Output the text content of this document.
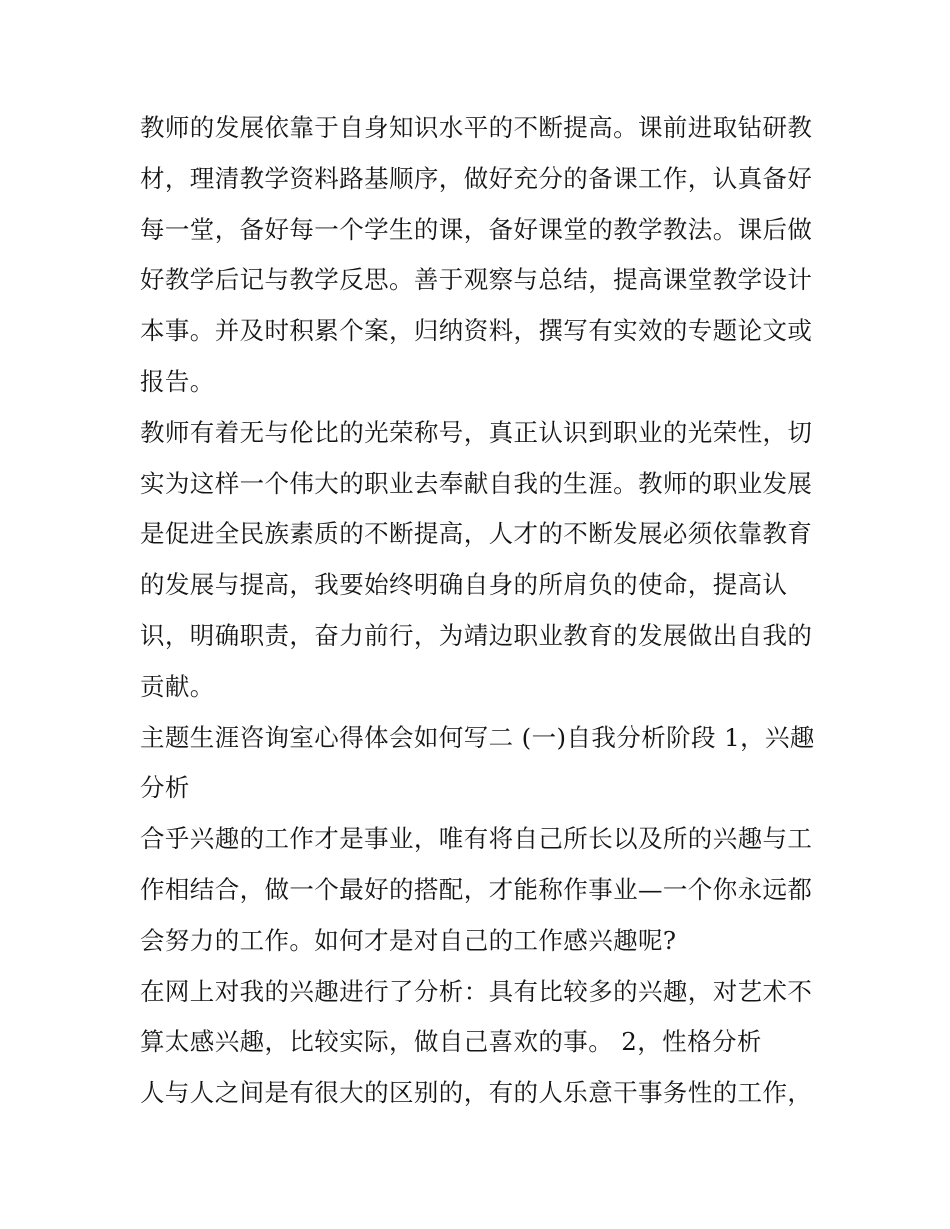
教师的发展依靠于自身知识水平的不断提高。课前进取钻研教材，理清教学资料路基顺序，做好充分的备课工作，认真备好每一堂，备好每一个学生的课，备好课堂的教学教法。课后做好教学后记与教学反思。善于观察与总结，提高课堂教学设计本事。并及时积累个案，归纳资料，撰写有实效的专题论文或报告。

教师有着无与伦比的光荣称号，真正认识到职业的光荣性，切实为这样一个伟大的职业去奉献自我的生涯。教师的职业发展是促进全民族素质的不断提高，人才的不断发展必须依靠教育的发展与提高，我要始终明确自身的所肩负的使命，提高认识，明确职责，奋力前行，为靖边职业教育的发展做出自我的贡献。

主题生涯咨询室心得体会如何写二 (一)自我分析阶段 1，兴趣分析

合乎兴趣的工作才是事业，唯有将自己所长以及所的兴趣与工作相结合，做一个最好的搭配，才能称作事业—一个你永远都会努力的工作。如何才是对自己的工作感兴趣呢?

在网上对我的兴趣进行了分析：具有比较多的兴趣，对艺术不算太感兴趣，比较实际，做自己喜欢的事。 2，性格分析

人与人之间是有很大的区别的，有的人乐意干事务性的工作，
